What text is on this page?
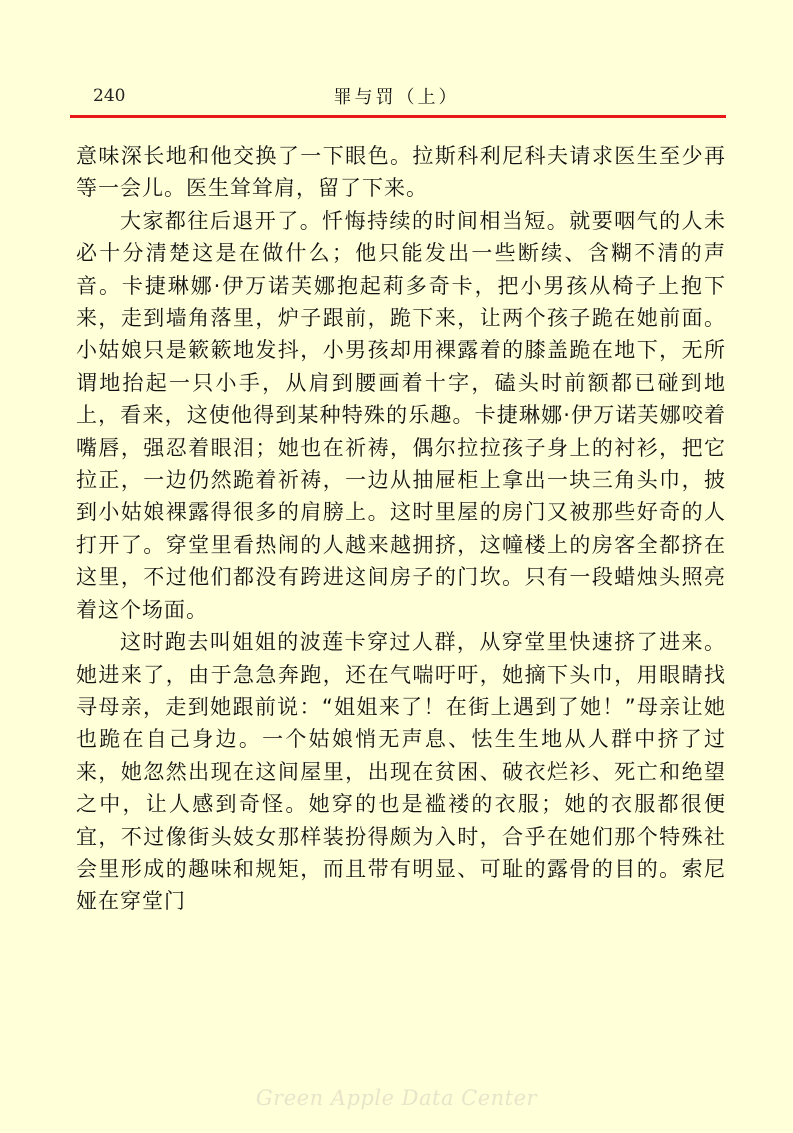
240	罪与罚（上）

意味深长地和他交换了一下眼色。拉斯科利尼科夫请求医生至少再等一会儿。医生耸耸肩，留了下来。

大家都往后退开了。忏悔持续的时间相当短。就要咽气的人未必十分清楚这是在做什么；他只能发出一些断续、含糊不清的声音。卡捷琳娜·伊万诺芙娜抱起莉多奇卡，把小男孩从椅子上抱下来，走到墙角落里，炉子跟前，跪下来，让两个孩子跪在她前面。小姑娘只是簌簌地发抖，小男孩却用裸露着的膝盖跪在地下，无所谓地抬起一只小手，从肩到腰画着十字，磕头时前额都已碰到地上，看来，这使他得到某种特殊的乐趣。卡捷琳娜·伊万诺芙娜咬着嘴唇，强忍着眼泪；她也在祈祷，偶尔拉拉孩子身上的衬衫，把它拉正，一边仍然跪着祈祷，一边从抽屉柜上拿出一块三角头巾，披到小姑娘裸露得很多的肩膀上。这时里屋的房门又被那些好奇的人打开了。穿堂里看热闹的人越来越拥挤，这幢楼上的房客全都挤在这里，不过他们都没有跨进这间房子的门坎。只有一段蜡烛头照亮着这个场面。

这时跑去叫姐姐的波莲卡穿过人群，从穿堂里快速挤了进来。她进来了，由于急急奔跑，还在气喘吁吁，她摘下头巾，用眼睛找寻母亲，走到她跟前说：“姐姐来了！在街上遇到了她！”母亲让她也跪在自己身边。一个姑娘悄无声息、怯生生地从人群中挤了过来，她忽然出现在这间屋里，出现在贫困、破衣烂衫、死亡和绝望之中，让人感到奇怪。她穿的也是褴褛的衣服；她的衣服都很便宜，不过像街头妓女那样装扮得颇为入时，合乎在她们那个特殊社会里形成的趣味和规矩，而且带有明显、可耻的露骨的目的。索尼娅在穿堂门

Green Apple Data Center
